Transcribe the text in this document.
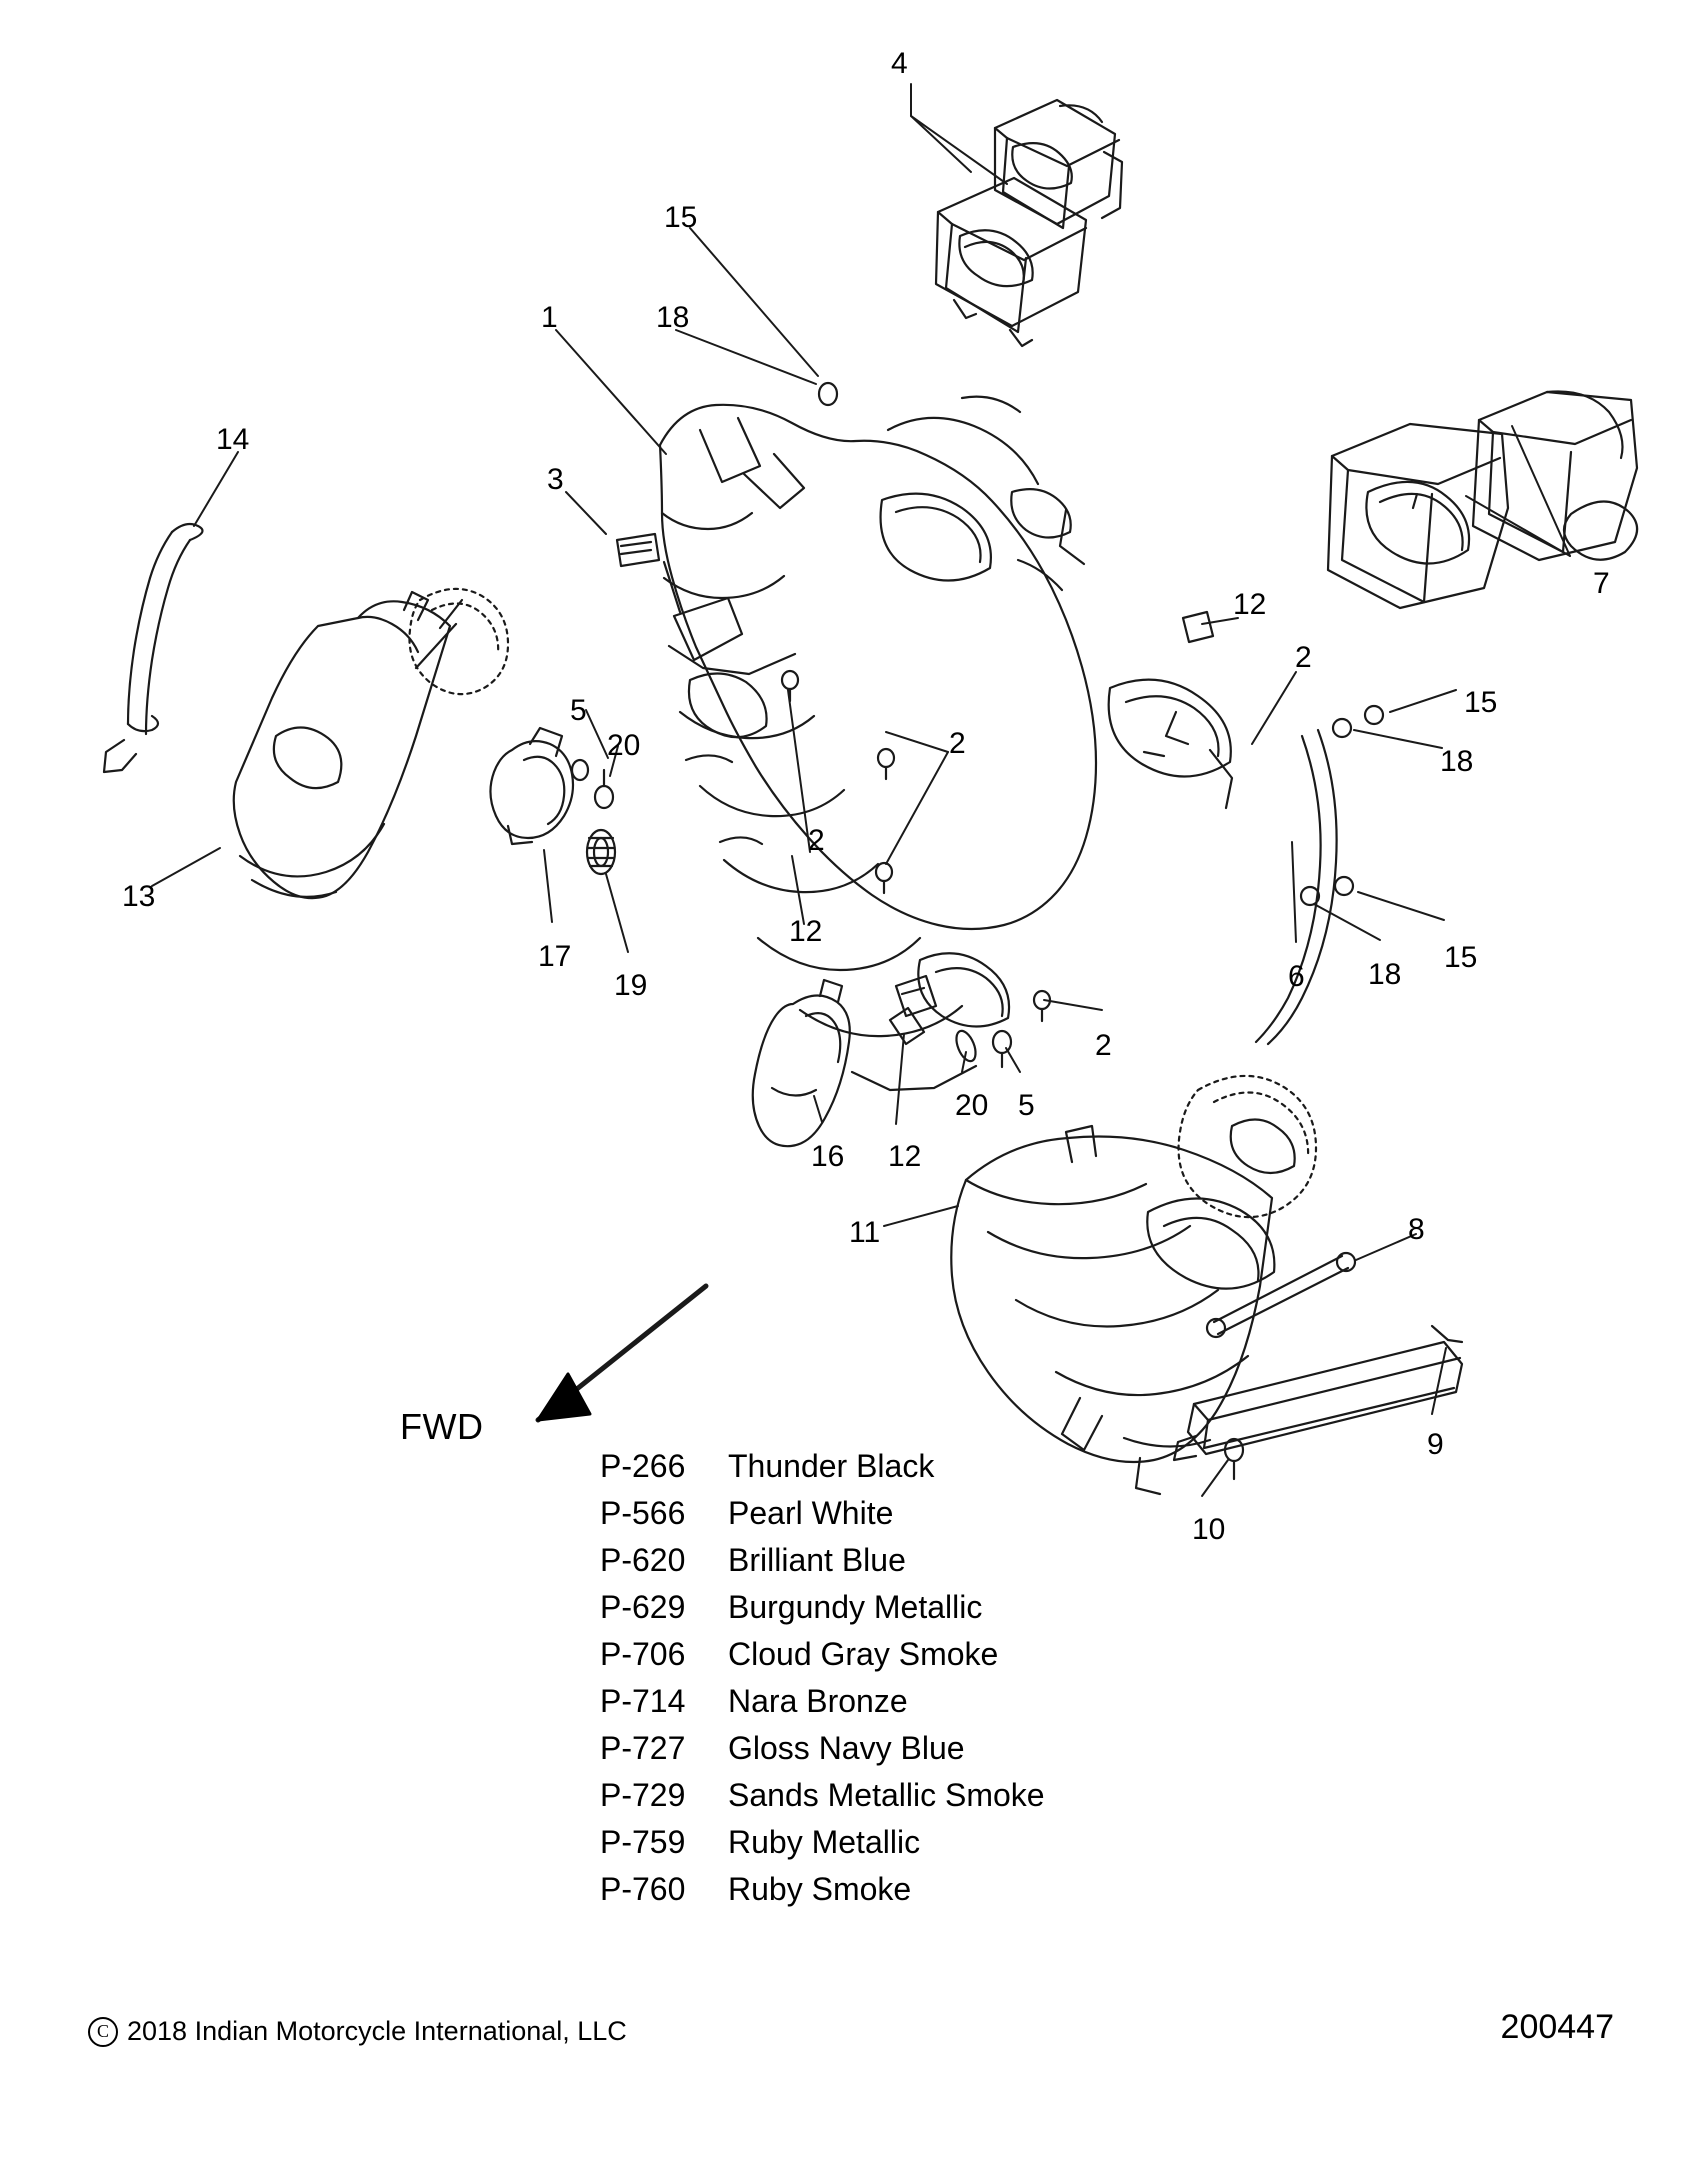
4
15
1	18
14
3
12
2
7
15
5
20	2
18
2
13
12
6 18
15
17
19
2
20 5
16 12
11	8
9
10
FWD
P-266	Thunder Black
P-566	Pearl White
P-620	Brilliant Blue
P-629	Burgundy Metallic
P-706	Cloud Gray Smoke
P-714	Nara Bronze
P-727	Gloss Navy Blue
P-729	Sands Metallic Smoke
P-759	Ruby Metallic
P-760	Ruby Smoke
C 2018 Indian Motorcycle International, LLC	200447
